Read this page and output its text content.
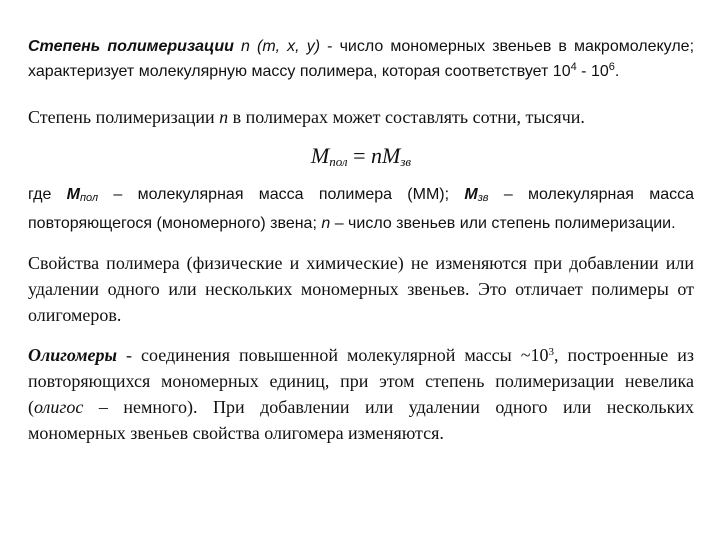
Степень полимеризации n (m, x, y) - число мономерных звеньев в макромолекуле; характеризует молекулярную массу полимера, которая соответствует $10^4 - 10^6$.

Степень полимеризации n в полимерах может составлять сотни, тысячи.

$M_{пол} = nM_{зв}$

где $M_{пол}$ – молекулярная масса полимера (ММ); $M_{зв}$ – молекулярная масса повторяющегося (мономерного) звена; n – число звеньев или степень полимеризации.

Свойства полимера (физические и химические) не изменяются при добавлении или удалении одного или нескольких мономерных звеньев. Это отличает полимеры от олигомеров.

Олигомеры - соединения повышенной молекулярной массы $\sim 10^3$, построенные из повторяющихся мономерных единиц, при этом степень полимеризации невелика (олигос – немного). При добавлении или удалении одного или нескольких мономерных звеньев свойства олигомера изменяются.
